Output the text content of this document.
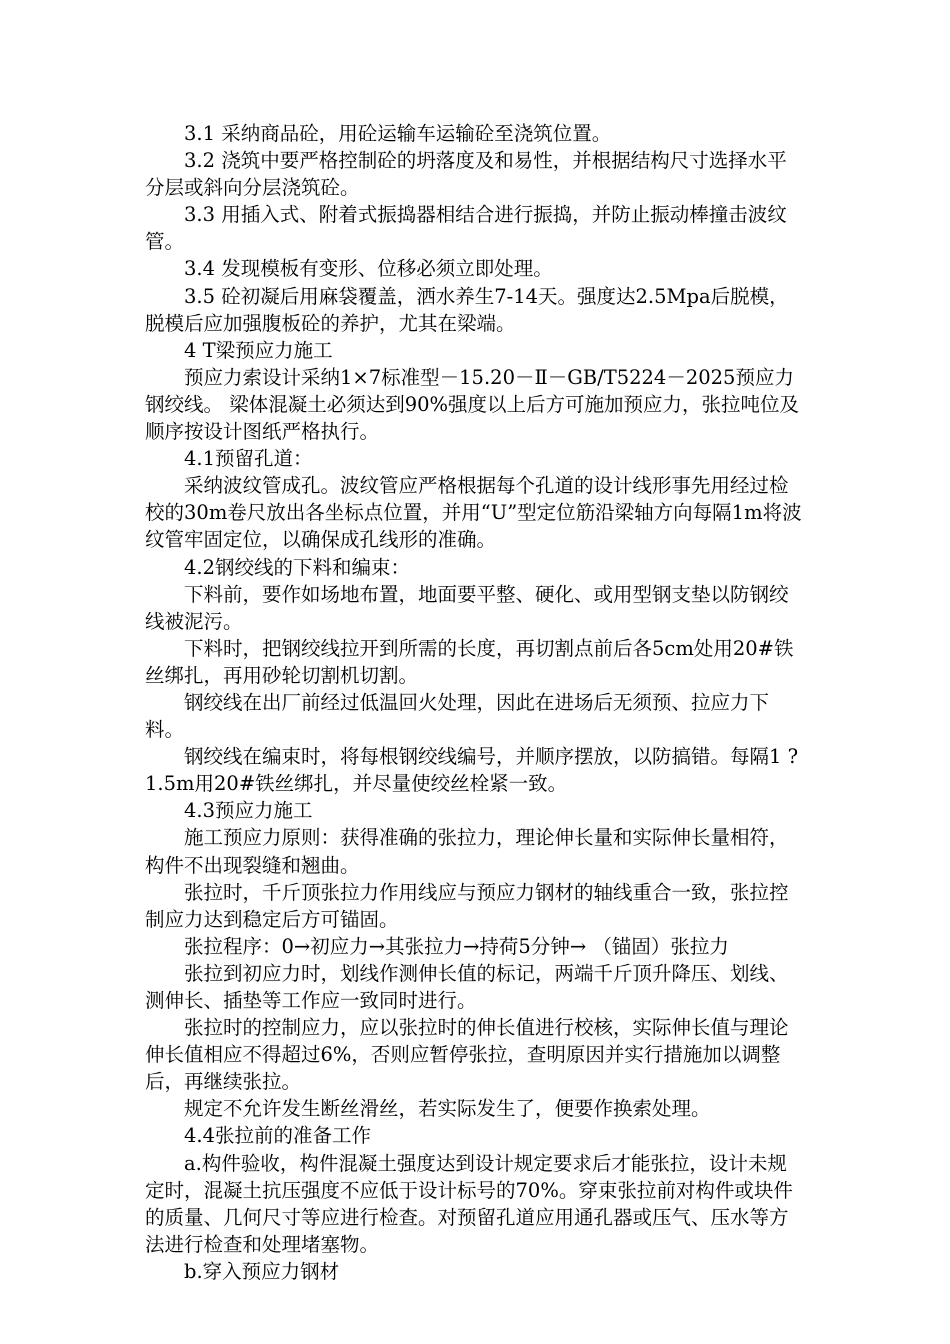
3.1 采纳商品砼，用砼运输车运输砼至浇筑位置。

3.2 浇筑中要严格控制砼的坍落度及和易性，并根据结构尺寸选择水平分层或斜向分层浇筑砼。

3.3 用插入式、附着式振捣器相结合进行振捣，并防止振动棒撞击波纹管。

3.4 发现模板有变形、位移必须立即处理。

3.5 砼初凝后用麻袋覆盖，洒水养生7-14天。强度达2.5Mpa后脱模，脱模后应加强腹板砼的养护，尤其在梁端。

4 T梁预应力施工

预应力索设计采纳1×7标准型－15.20－Ⅱ－GB/T5224－2025预应力钢绞线。 梁体混凝土必须达到90%强度以上后方可施加预应力，张拉吨位及顺序按设计图纸严格执行。

4.1预留孔道：

采纳波纹管成孔。波纹管应严格根据每个孔道的设计线形事先用经过检校的30m卷尺放出各坐标点位置，并用“U”型定位筋沿梁轴方向每隔1m将波纹管牢固定位，以确保成孔线形的准确。

4.2钢绞线的下料和编束：

下料前，要作如场地布置，地面要平整、硬化、或用型钢支垫以防钢绞线被泥污。

下料时，把钢绞线拉开到所需的长度，再切割点前后各5cm处用20#铁丝绑扎，再用砂轮切割机切割。

钢绞线在出厂前经过低温回火处理，因此在进场后无须预、拉应力下料。

钢绞线在编束时，将每根钢绞线编号，并顺序摆放，以防搞错。每隔1 ?1.5m用20#铁丝绑扎，并尽量使绞丝栓紧一致。

4.3预应力施工

施工预应力原则：获得准确的张拉力，理论伸长量和实际伸长量相符，构件不出现裂缝和翘曲。

张拉时，千斤顶张拉力作用线应与预应力钢材的轴线重合一致，张拉控制应力达到稳定后方可锚固。

张拉程序：0→初应力→其张拉力→持荷5分钟→ （锚固）张拉力

张拉到初应力时，划线作测伸长值的标记，两端千斤顶升降压、划线、测伸长、插垫等工作应一致同时进行。

张拉时的控制应力，应以张拉时的伸长值进行校核，实际伸长值与理论伸长值相应不得超过6%，否则应暂停张拉，查明原因并实行措施加以调整后，再继续张拉。

规定不允许发生断丝滑丝，若实际发生了，便要作换索处理。

4.4张拉前的准备工作

a.构件验收，构件混凝土强度达到设计规定要求后才能张拉，设计未规定时，混凝土抗压强度不应低于设计标号的70%。穿束张拉前对构件或块件的质量、几何尺寸等应进行检查。对预留孔道应用通孔器或压气、压水等方法进行检查和处理堵塞物。

b.穿入预应力钢材
